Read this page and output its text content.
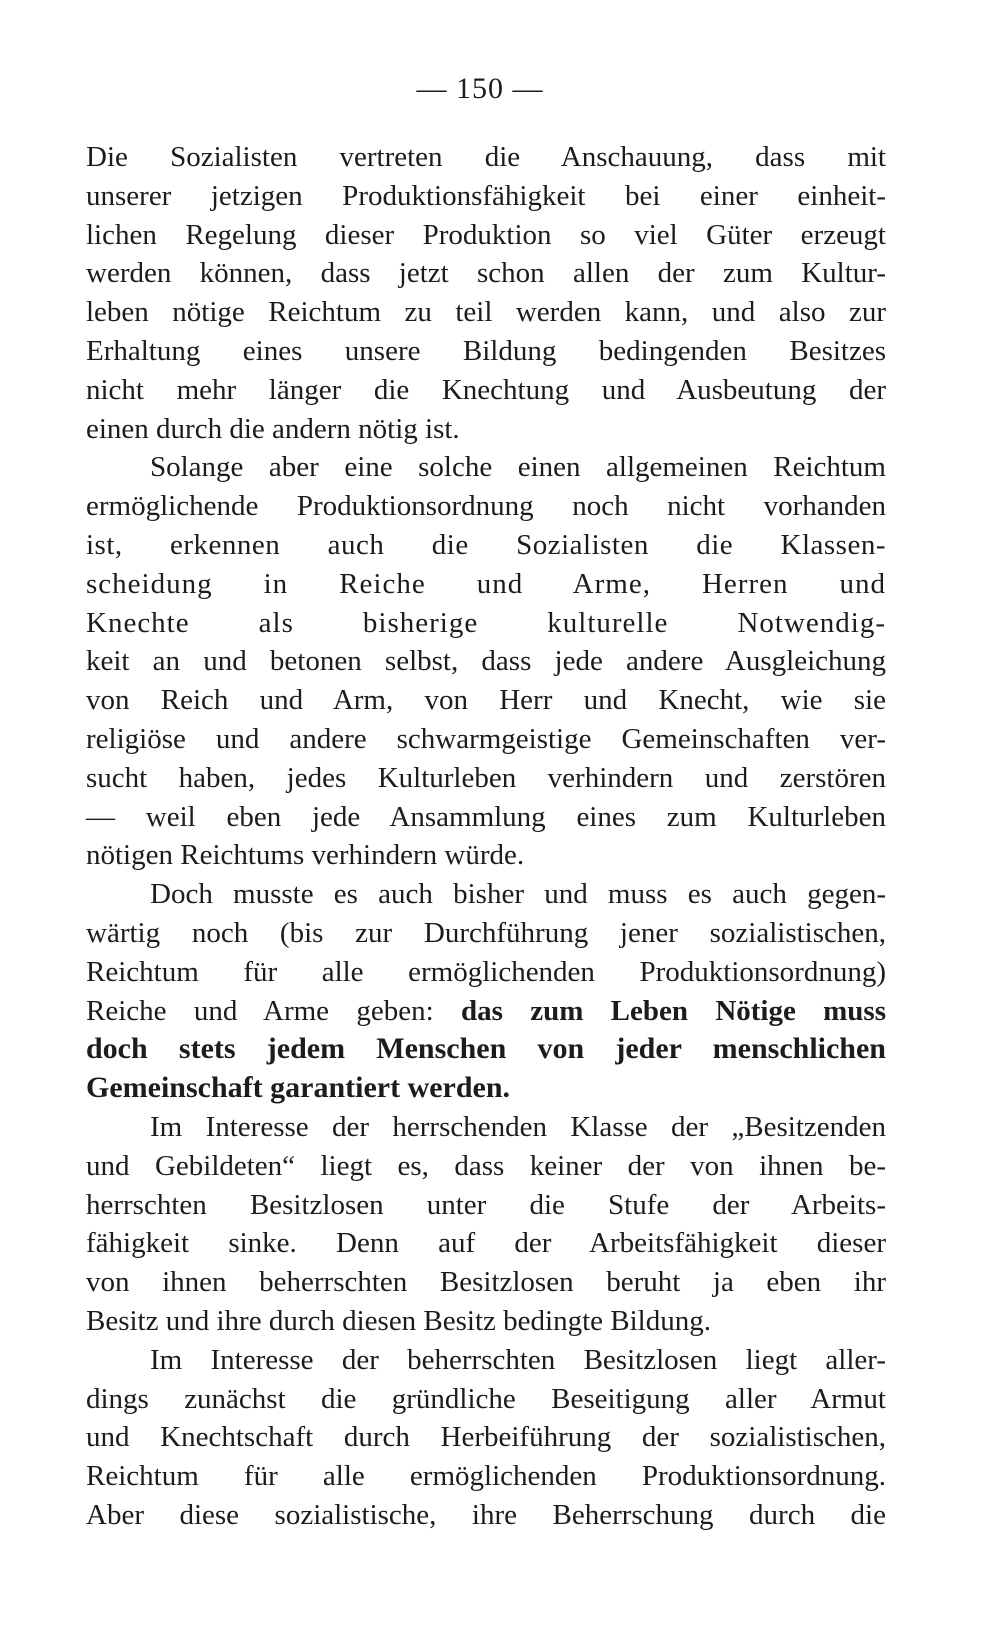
— 150 —
Die Sozialisten vertreten die Anschauung, dass mit
unserer jetzigen Produktionsfähigkeit bei einer einheit-
lichen Regelung dieser Produktion so viel Güter erzeugt
werden können, dass jetzt schon allen der zum Kultur-
leben nötige Reichtum zu teil werden kann, und also zur
Erhaltung eines unsere Bildung bedingenden Besitzes
nicht mehr länger die Knechtung und Ausbeutung der
einen durch die andern nötig ist.
Solange aber eine solche einen allgemeinen Reichtum
ermöglichende Produktionsordnung noch nicht vorhanden
ist, erkennen auch die Sozialisten die Klassen-
scheidung in Reiche und Arme, Herren und
Knechte als bisherige kulturelle Notwendig-
keit an und betonen selbst, dass jede andere Ausgleichung
von Reich und Arm, von Herr und Knecht, wie sie
religiöse und andere schwarmgeistige Gemeinschaften ver-
sucht haben, jedes Kulturleben verhindern und zerstören
— weil eben jede Ansammlung eines zum Kulturleben
nötigen Reichtums verhindern würde.
Doch musste es auch bisher und muss es auch gegen-
wärtig noch (bis zur Durchführung jener sozialistischen,
Reichtum für alle ermöglichenden Produktionsordnung)
Reiche und Arme geben: das zum Leben Nötige muss
doch stets jedem Menschen von jeder menschlichen
Gemeinschaft garantiert werden.
Im Interesse der herrschenden Klasse der „Besitzenden
und Gebildeten“ liegt es, dass keiner der von ihnen be-
herrschten Besitzlosen unter die Stufe der Arbeits-
fähigkeit sinke. Denn auf der Arbeitsfähigkeit dieser
von ihnen beherrschten Besitzlosen beruht ja eben ihr
Besitz und ihre durch diesen Besitz bedingte Bildung.
Im Interesse der beherrschten Besitzlosen liegt aller-
dings zunächst die gründliche Beseitigung aller Armut
und Knechtschaft durch Herbeiführung der sozialistischen,
Reichtum für alle ermöglichenden Produktionsordnung.
Aber diese sozialistische, ihre Beherrschung durch die
